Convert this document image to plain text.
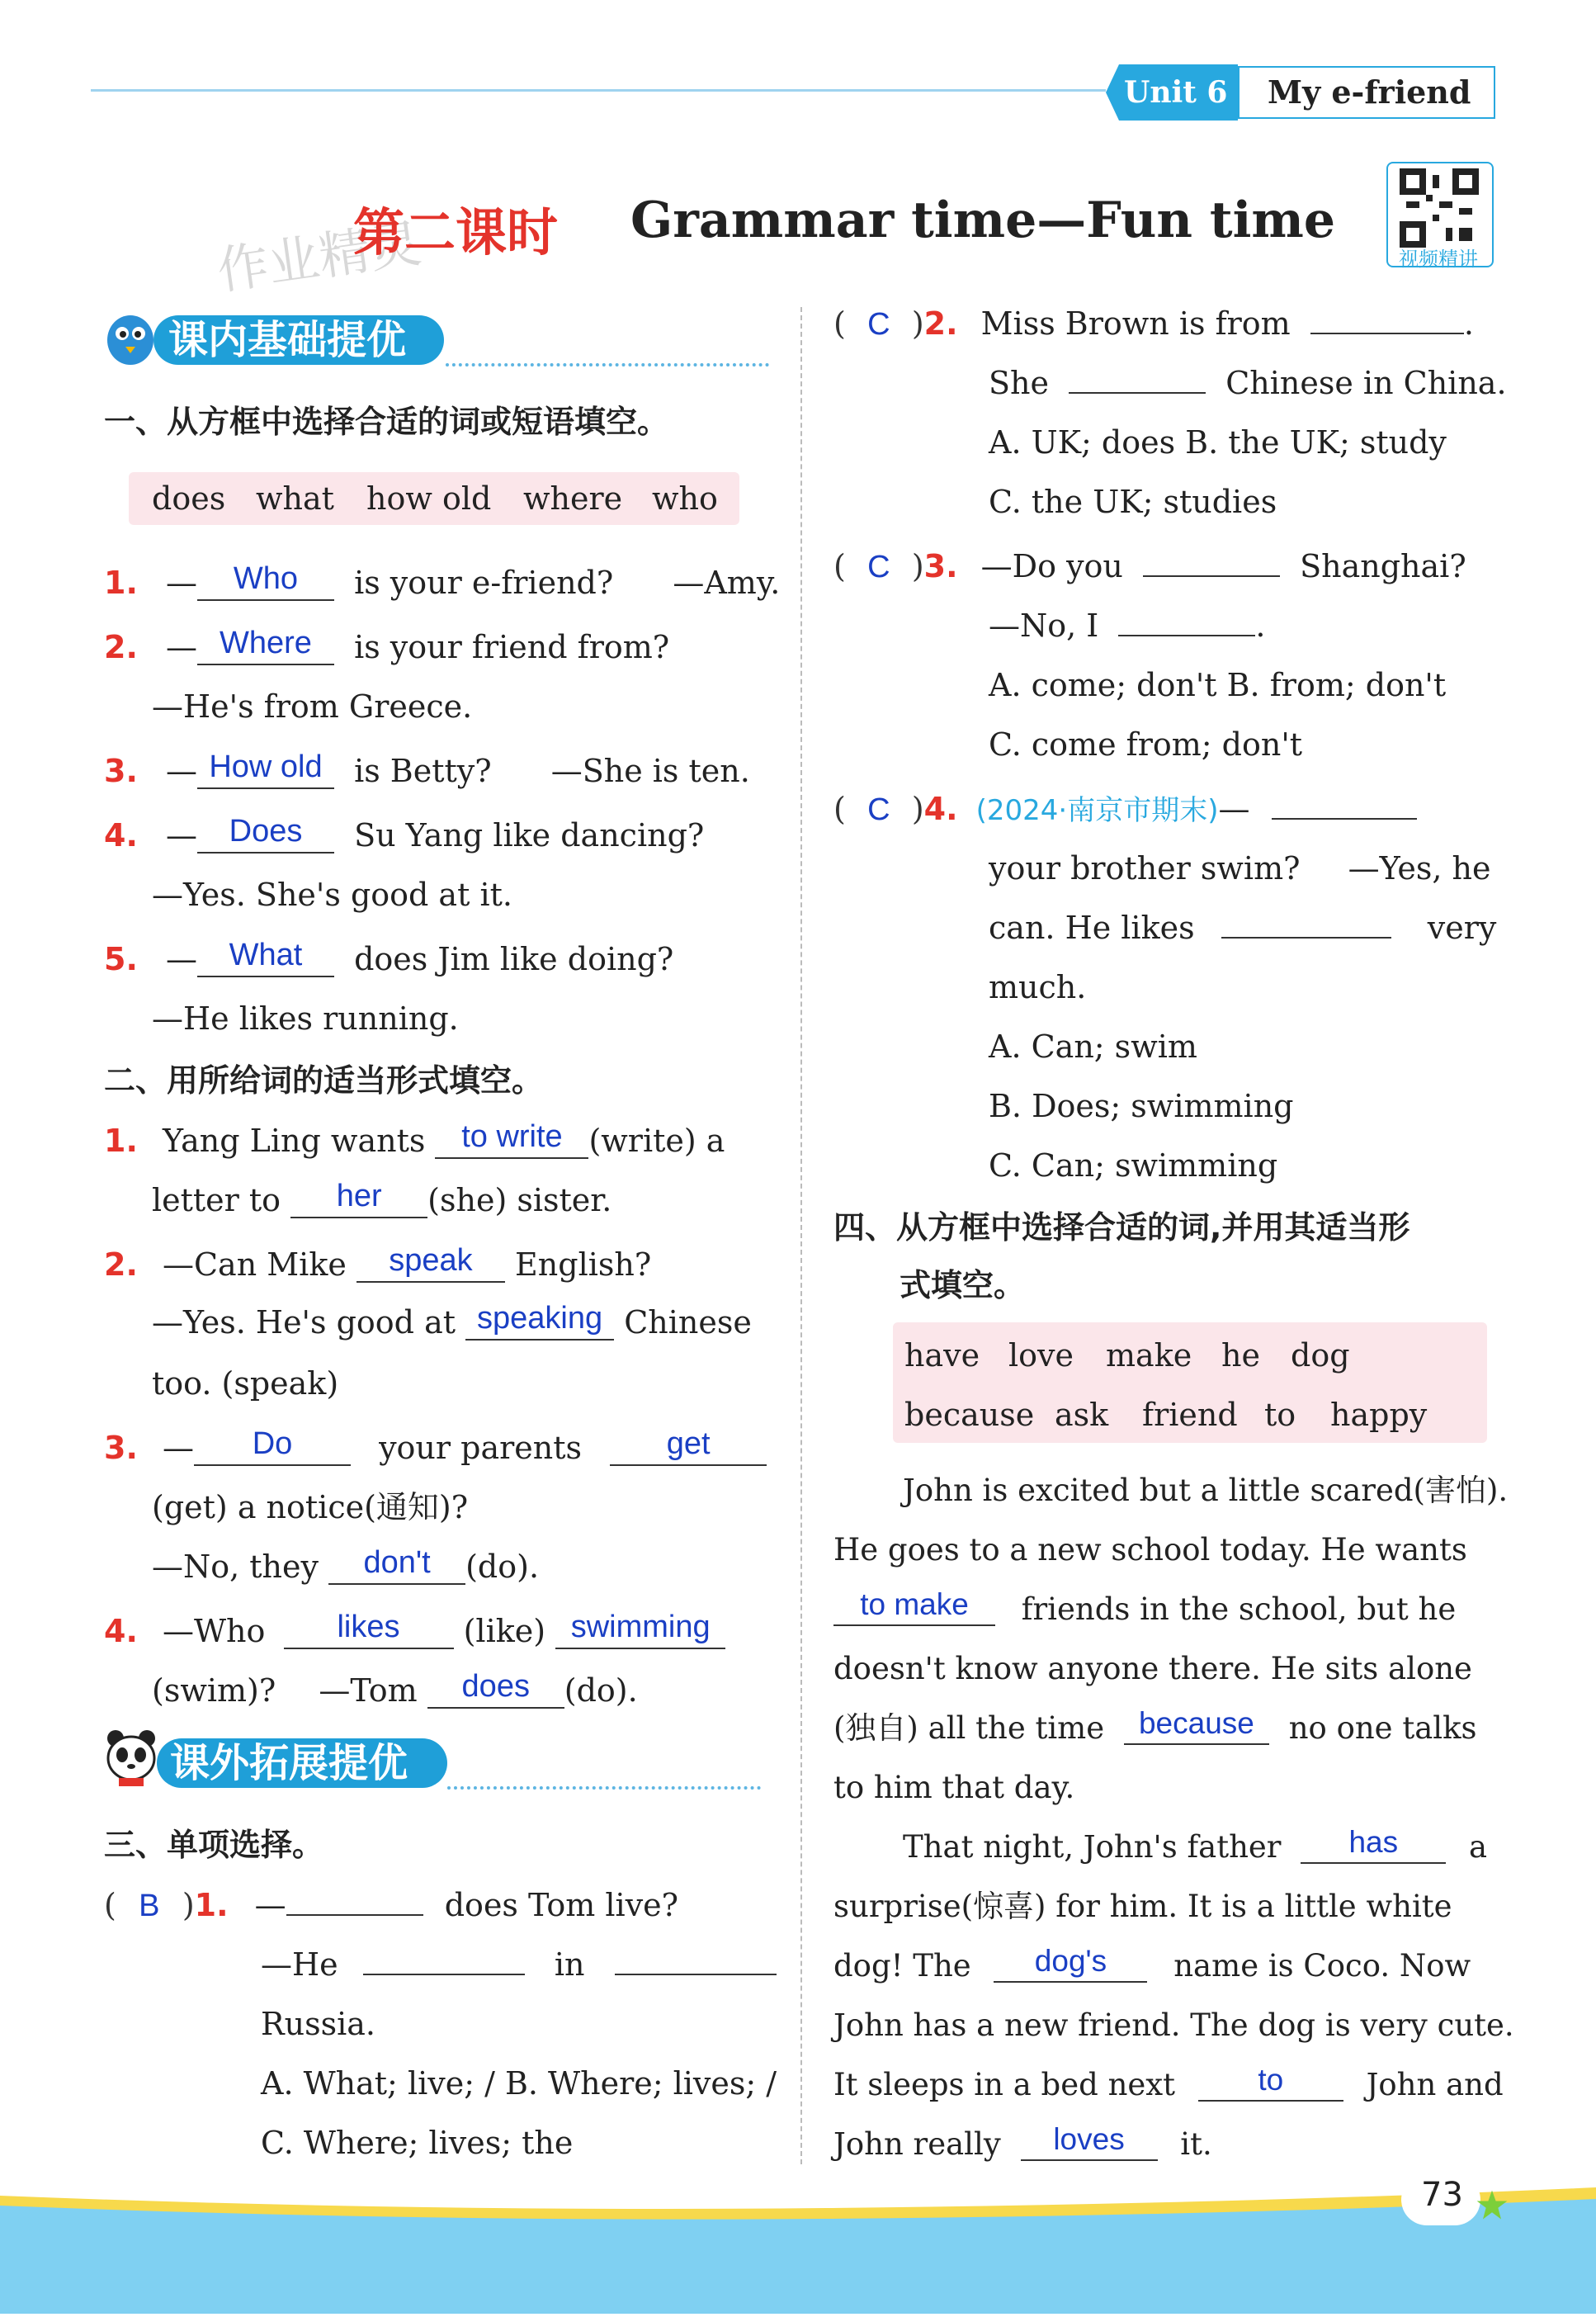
Unit 6 My e-friend
作业精灵
第二课时 Grammar time—Fun time
视频精讲
课内基础提优
一、从方框中选择合适的词或短语填空。
does what how old where who
1. — Who is your e-friend? —Amy.
2. — Where is your friend from?
—He's from Greece.
3. — How old is Betty? —She is ten.
4. — Does Su Yang like dancing?
—Yes. She's good at it.
5. — What does Jim like doing?
—He likes running.
二、用所给词的适当形式填空。
1. Yang Ling wants to write (write) a
letter to her (she) sister.
2. —Can Mike speak English?
—Yes. He's good at speaking Chinese
too. (speak)
3. — Do	your parents	get
(get) a notice(通知)?
—No, they don't (do).
4. —Who likes (like) swimming
(swim)? —Tom does (do).
课外拓展提优
三、单项选择。
( B )1. —	does Tom live?
—He	in
Russia.
A. What; live; / B. Where; lives; /
C. Where; lives; the
( C )2. Miss Brown is from	.
She	Chinese in China.
A. UK; does B. the UK; study
C. the UK; studies
( C )3. —Do you	Shanghai?
—No, I	.
A. come; don't B. from; don't
C. come from; don't
( C )4. (2024·南京市期末)—
your brother swim? —Yes, he
can. He likes	very
much.
A. Can; swim
B. Does; swimming
C. Can; swimming
四、从方框中选择合适的词,并用其适当形
式填空。
have love make he dog
because ask friend to happy
John is excited but a little scared(害怕).
He goes to a new school today. He wants
to make friends in the school, but he
doesn't know anyone there. He sits alone
(独自) all the time because no one talks
to him that day.
That night, John's father has a
surprise(惊喜) for him. It is a little white
dog! The dog's name is Coco. Now
John has a new friend. The dog is very cute.
It sleeps in a bed next	to	John and
John really loves it.
73
